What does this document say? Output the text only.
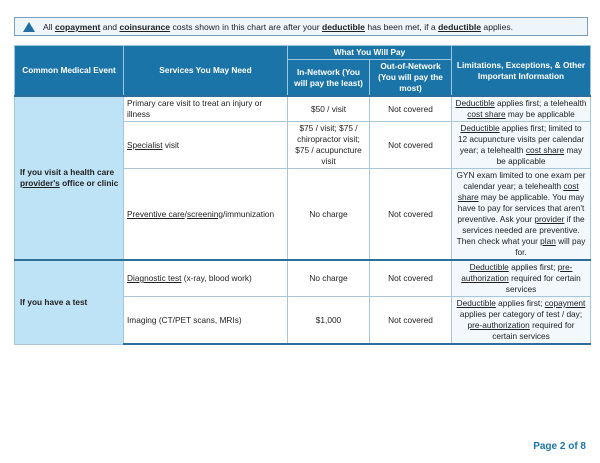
All copayment and coinsurance costs shown in this chart are after your deductible has been met, if a deductible applies.
Common Medical Event	Services You May Need	What You Will Pay		Limitations, Exceptions, & Other Important Information
		In-Network (You will pay the least)	Out-of-Network (You will pay the most)	
If you visit a health care provider's office or clinic	Primary care visit to treat an injury or illness	$50 / visit	Not covered	Deductible applies first; a telehealth cost share may be applicable
	Specialist visit	$75 / visit; $75 / chiropractor visit; $75 / acupuncture visit	Not covered	Deductible applies first; limited to 12 acupuncture visits per calendar year; a telehealth cost share may be applicable
	Preventive care/screening/immunization	No charge	Not covered	GYN exam limited to one exam per calendar year; a telehealth cost share may be applicable. You may have to pay for services that aren't preventive. Ask your provider if the services needed are preventive. Then check what your plan will pay for.
If you have a test	Diagnostic test (x-ray, blood work)	No charge	Not covered	Deductible applies first; pre-authorization required for certain services
	Imaging (CT/PET scans, MRIs)	$1,000	Not covered	Deductible applies first; copayment applies per category of test / day; pre-authorization required for certain services
Page 2 of 8
